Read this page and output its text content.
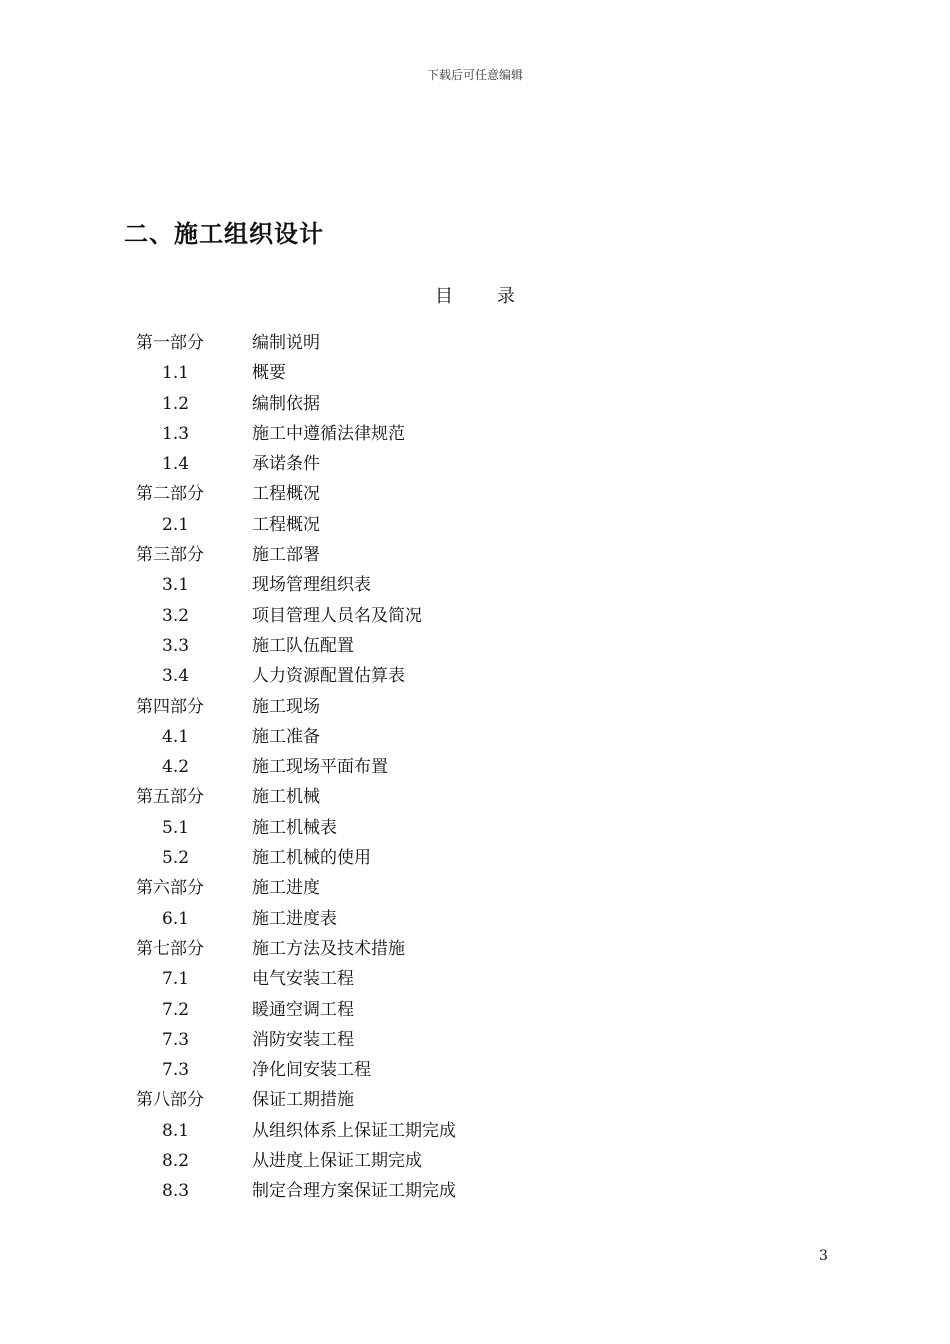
下载后可任意编辑
二、施工组织设计
目 录
第一部分	编制说明
1.1	概要
1.2	编制依据
1.3	施工中遵循法律规范
1.4	承诺条件
第二部分	工程概况
2.1	工程概况
第三部分	施工部署
3.1	现场管理组织表
3.2	项目管理人员名及简况
3.3	施工队伍配置
3.4	人力资源配置估算表
第四部分	施工现场
4.1	施工准备
4.2	施工现场平面布置
第五部分	施工机械
5.1	施工机械表
5.2	施工机械的使用
第六部分	施工进度
6.1	施工进度表
第七部分	施工方法及技术措施
7.1	电气安装工程
7.2	暖通空调工程
7.3	消防安装工程
7.3	净化间安装工程
第八部分	保证工期措施
8.1	从组织体系上保证工期完成
8.2	从进度上保证工期完成
8.3	制定合理方案保证工期完成
3
